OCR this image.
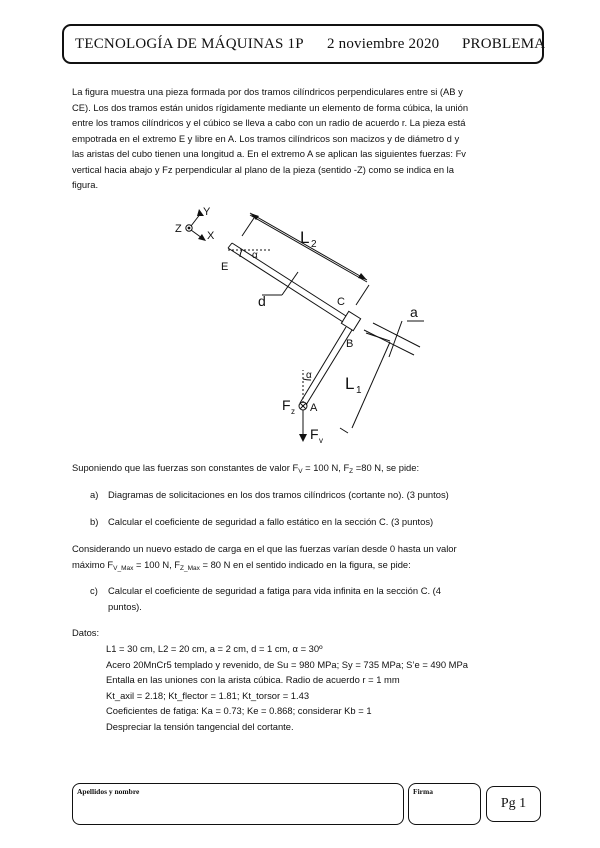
TECNOLOGÍA DE MÁQUINAS 1P 2 noviembre 2020 PROBLEMA
La figura muestra una pieza formada por dos tramos cilíndricos perpendiculares entre si (AB y
CE). Los dos tramos están unidos rígidamente mediante un elemento de forma cúbica, la unión
entre los tramos cilíndricos y el cúbico se lleva a cabo con un radio de acuerdo r. La pieza está
empotrada en el extremo E y libre en A. Los tramos cilíndricos son macizos y de diámetro d y
las aristas del cubo tienen una longitud a. En el extremo A se aplican las siguientes fuerzas: Fv
vertical hacia abajo y Fz perpendicular al plano de la pieza (sentido -Z) como se indica en la
figura.
Z
Y
X
E
C
B
A
α
α
a
d
L 2
L 1
F z
F v
Suponiendo que las fuerzas son constantes de valor $F_V = 100$ N, $F_Z =80$ N, se pide:
a) Diagramas de solicitaciones en los dos tramos cilíndricos (cortante no). (3 puntos)
b) Calcular el coeficiente de seguridad a fallo estático en la sección C. (3 puntos)
Considerando un nuevo estado de carga en el que las fuerzas varían desde 0 hasta un valor
máximo $F_{V\_Max} = 100$ N, $F_{Z\_Max} = 80$ N en el sentido indicado en la figura, se pide:
c) Calcular el coeficiente de seguridad a fatiga para vida infinita en la sección C. (4
puntos).
Datos:
L1 = 30 cm, L2 = 20 cm, a = 2 cm, d = 1 cm, α = 30º
Acero 20MnCr5 templado y revenido, de Su = 980 MPa; Sy = 735 MPa; S’e = 490 MPa
Entalla en las uniones con la arista cúbica. Radio de acuerdo r = 1 mm
Kt_axil = 2.18; Kt_flector = 1.81; Kt_torsor = 1.43
Coeficientes de fatiga: Ka = 0.73; Ke = 0.868; considerar Kb = 1
Despreciar la tensión tangencial del cortante.
Apellidos y nombre	Firma
Pg 1
